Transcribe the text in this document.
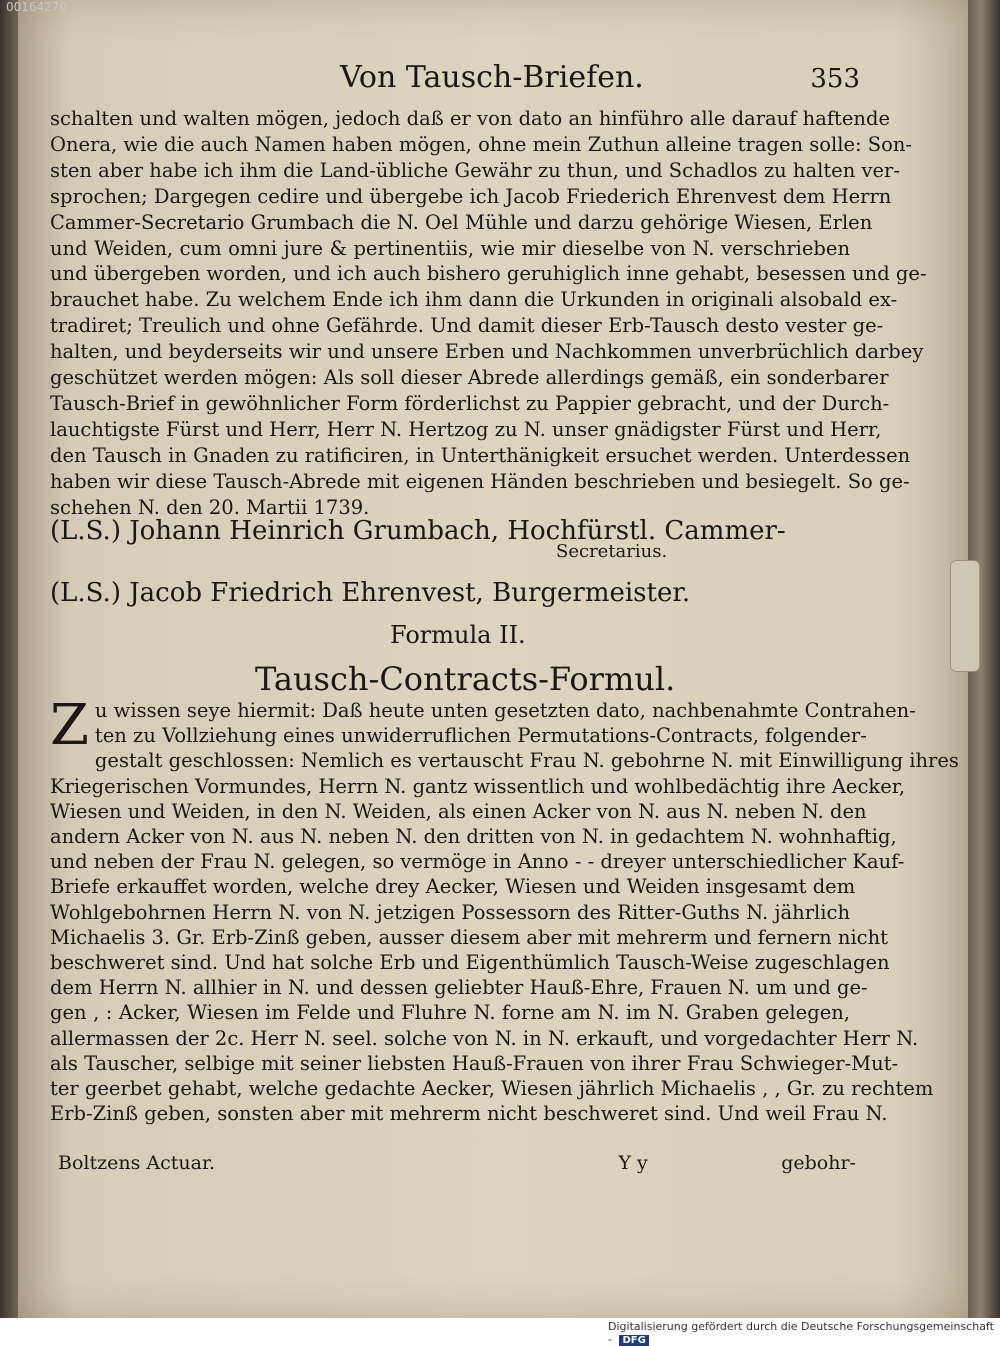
00164270
Von Tausch-Briefen.	353
schalten und walten mögen, jedoch daß er von dato an hinführo alle darauf haftende
Onera, wie die auch Namen haben mögen, ohne mein Zuthun alleine tragen solle: Son-
sten aber habe ich ihm die Land-übliche Gewähr zu thun, und Schadlos zu halten ver-
sprochen; Dargegen cedire und übergebe ich Jacob Friederich Ehrenvest dem Herrn
Cammer-Secretario Grumbach die N. Oel Mühle und darzu gehörige Wiesen, Erlen
und Weiden, cum omni jure & pertinentiis, wie mir dieselbe von N. verschrieben
und übergeben worden, und ich auch bishero geruhiglich inne gehabt, besessen und ge-
brauchet habe. Zu welchem Ende ich ihm dann die Urkunden in originali alsobald ex-
tradiret; Treulich und ohne Gefährde. Und damit dieser Erb-Tausch desto vester ge-
halten, und beyderseits wir und unsere Erben und Nachkommen unverbrüchlich darbey
geschützet werden mögen: Als soll dieser Abrede allerdings gemäß, ein sonderbarer
Tausch-Brief in gewöhnlicher Form förderlichst zu Pappier gebracht, und der Durch-
lauchtigste Fürst und Herr, Herr N. Hertzog zu N. unser gnädigster Fürst und Herr,
den Tausch in Gnaden zu ratificiren, in Unterthänigkeit ersuchet werden. Unterdessen
haben wir diese Tausch-Abrede mit eigenen Händen beschrieben und besiegelt. So ge-
schehen N. den 20. Martii 1739.
(L.S.) Johann Heinrich Grumbach, Hochfürstl. Cammer-
Secretarius.
(L.S.) Jacob Friedrich Ehrenvest, Burgermeister.
Formula II.
Tausch-Contracts-Formul.
Z u wissen seye hiermit: Daß heute unten gesetzten dato, nachbenahmte Contrahen-
ten zu Vollziehung eines unwiderruflichen Permutations-Contracts, folgender-
gestalt geschlossen: Nemlich es vertauscht Frau N. gebohrne N. mit Einwilligung ihres
Kriegerischen Vormundes, Herrn N. gantz wissentlich und wohlbedächtig ihre Aecker,
Wiesen und Weiden, in den N. Weiden, als einen Acker von N. aus N. neben N. den
andern Acker von N. aus N. neben N. den dritten von N. in gedachtem N. wohnhaftig,
und neben der Frau N. gelegen, so vermöge in Anno - - dreyer unterschiedlicher Kauf-
Briefe erkauffet worden, welche drey Aecker, Wiesen und Weiden insgesamt dem
Wohlgebohrnen Herrn N. von N. jetzigen Possessorn des Ritter-Guths N. jährlich
Michaelis 3. Gr. Erb-Zinß geben, ausser diesem aber mit mehrerm und fernern nicht
beschweret sind. Und hat solche Erb und Eigenthümlich Tausch-Weise zugeschlagen
dem Herrn N. allhier in N. und dessen geliebter Hauß-Ehre, Frauen N. um und ge-
gen , : Acker, Wiesen im Felde und Fluhre N. forne am N. im N. Graben gelegen,
allermassen der 2c. Herr N. seel. solche von N. in N. erkauft, und vorgedachter Herr N.
als Tauscher, selbige mit seiner liebsten Hauß-Frauen von ihrer Frau Schwieger-Mut-
ter geerbet gehabt, welche gedachte Aecker, Wiesen jährlich Michaelis , , Gr. zu rechtem
Erb-Zinß geben, sonsten aber mit mehrerm nicht beschweret sind. Und weil Frau N.
Boltzens Actuar.	Y y	gebohr-
Digitalisierung gefördert durch die Deutsche Forschungsgemeinschaft - DFG
